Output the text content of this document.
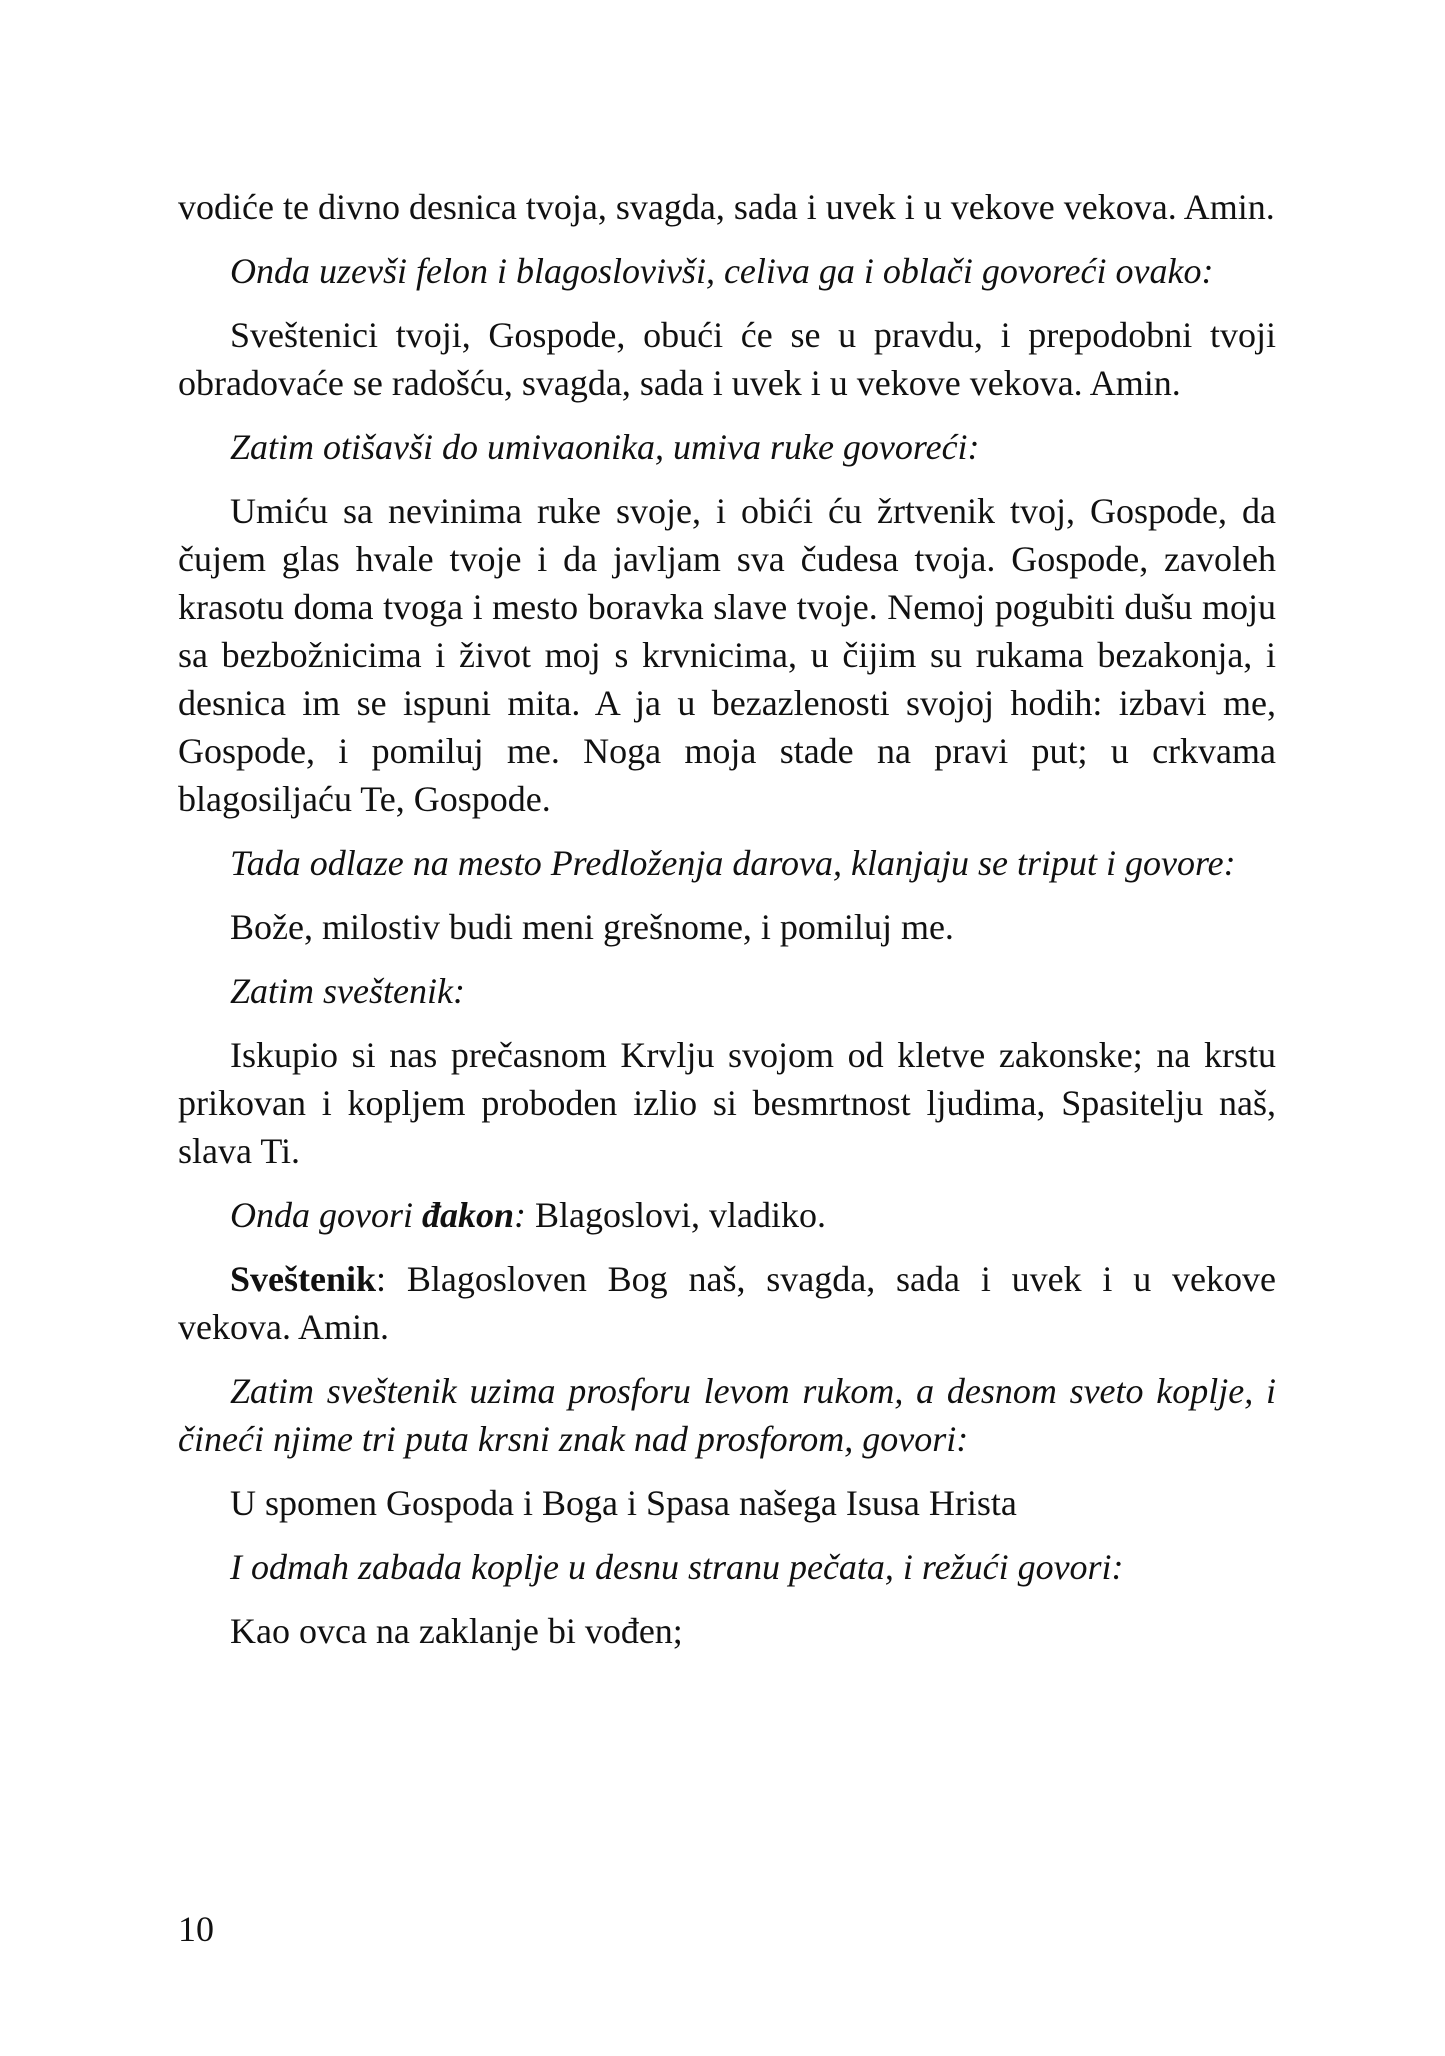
vodiće te divno desnica tvoja, svagda, sada i uvek i u vekove vekova. Amin.

Onda uzevši felon i blagoslovivši, celiva ga i oblači govoreći ovako:

Sveštenici tvoji, Gospode, obući će se u pravdu, i prepodobni tvoji obradovaće se radošću, svagda, sada i uvek i u vekove vekova. Amin.

Zatim otišavši do umivaonika, umiva ruke govoreći:

Umiću sa nevinima ruke svoje, i obići ću žrtvenik tvoj, Gospode, da čujem glas hvale tvoje i da javljam sva čudesa tvoja. Gospode, zavoleh krasotu doma tvoga i mesto boravka slave tvoje. Nemoj pogubiti dušu moju sa bezbožnicima i život moj s krvnicima, u čijim su rukama bezakonja, i desnica im se ispuni mita. A ja u bezazlenosti svojoj hodih: izbavi me, Gospode, i pomiluj me. Noga moja stade na pravi put; u crkvama blagosiljaću Te, Gospode.

Tada odlaze na mesto Predloženja darova, klanjaju se triput i govore:

Bože, milostiv budi meni grešnome, i pomiluj me.

Zatim sveštenik:

Iskupio si nas prečasnom Krvlju svojom od kletve zakonske; na krstu prikovan i kopljem proboden izlio si besmrtnost ljudima, Spasitelju naš, slava Ti.

Onda govori đakon: Blagoslovi, vladiko.

Sveštenik: Blagosloven Bog naš, svagda, sada i uvek i u vekove vekova. Amin.

Zatim sveštenik uzima prosforu levom rukom, a desnom sveto koplje, i čineći njime tri puta krsni znak nad prosforom, govori:

U spomen Gospoda i Boga i Spasa našega Isusa Hrista

I odmah zabada koplje u desnu stranu pečata, i režući govori:

Kao ovca na zaklanje bi vođen;

10
